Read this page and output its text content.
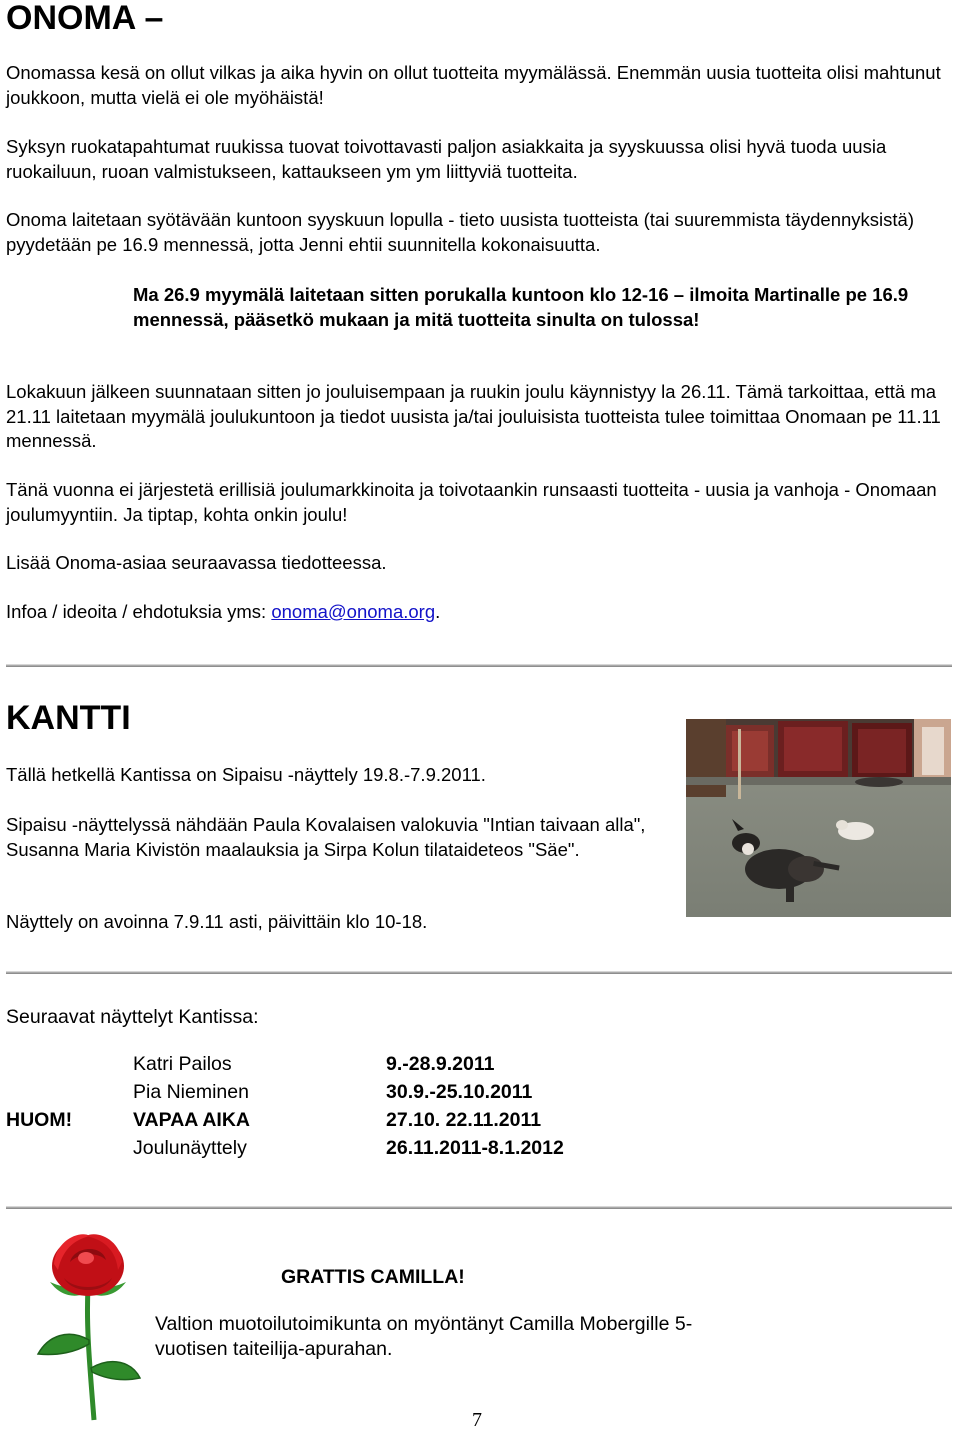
ONOMA –

Onomassa kesä on ollut vilkas ja aika hyvin on ollut tuotteita myymälässä. Enemmän uusia tuotteita olisi mahtunut joukkoon, mutta vielä ei ole myöhäistä!

Syksyn ruokatapahtumat ruukissa tuovat toivottavasti paljon asiakkaita ja syyskuussa olisi hyvä tuoda uusia ruokailuun, ruoan valmistukseen, kattaukseen ym ym liittyviä tuotteita.

Onoma laitetaan syötävään kuntoon syyskuun lopulla - tieto uusista tuotteista (tai suuremmista täydennyksistä) pyydetään pe 16.9 mennessä, jotta Jenni ehtii suunnitella kokonaisuutta.

Ma 26.9 myymälä laitetaan sitten porukalla kuntoon klo 12-16 – ilmoita Martinalle pe 16.9 mennessä, pääsetkö mukaan ja mitä tuotteita sinulta on tulossa!

Lokakuun jälkeen suunnataan sitten jo jouluisempaan ja ruukin joulu käynnistyy la 26.11. Tämä tarkoittaa, että ma 21.11 laitetaan myymälä joulukuntoon ja tiedot uusista ja/tai jouluisista tuotteista tulee toimittaa Onomaan pe 11.11 mennessä.

Tänä vuonna ei järjestetä erillisiä joulumarkkinoita ja toivotaankin runsaasti tuotteita - uusia ja vanhoja - Onomaan joulumyyntiin. Ja tiptap, kohta onkin joulu!

Lisää Onoma-asiaa seuraavassa tiedotteessa.

Infoa / ideoita / ehdotuksia yms: onoma@onoma.org.

KANTTI

Tällä hetkellä Kantissa on Sipaisu -näyttely 19.8.-7.9.2011.

Sipaisu -näyttelyssä nähdään Paula Kovalaisen valokuvia "Intian taivaan alla", Susanna Maria Kivistön maalauksia ja Sirpa Kolun tilataideteos "Säe".

Näyttely on avoinna 7.9.11 asti, päivittäin klo 10-18.

Seuraavat näyttelyt Kantissa:

Katri Pailos	9.-28.9.2011
Pia Nieminen	30.9.-25.10.2011
HUOM!	VAPAA AIKA	27.10. 22.11.2011
Joulunäyttely	26.11.2011-8.1.2012
GRATTIS CAMILLA!

Valtion muotoilutoimikunta on myöntänyt Camilla Mobergille 5-vuotisen taiteilija-apurahan.

7
